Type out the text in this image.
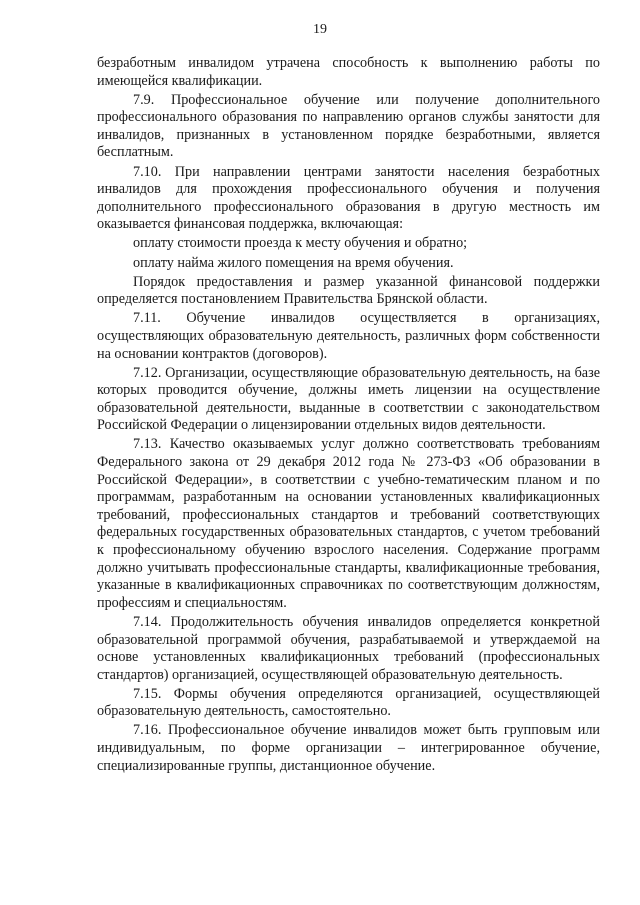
19

безработным инвалидом утрачена способность к выполнению работы по имеющейся квалификации.

7.9. Профессиональное обучение или получение дополнительного профессионального образования по направлению органов службы занятости для инвалидов, признанных в установленном порядке безработными, является бесплатным.

7.10. При направлении центрами занятости населения безработных инвалидов для прохождения профессионального обучения и получения дополнительного профессионального образования в другую местность им оказывается финансовая поддержка, включающая:

оплату стоимости проезда к месту обучения и обратно;

оплату найма жилого помещения на время обучения.

Порядок предоставления и размер указанной финансовой поддержки определяется постановлением Правительства Брянской области.

7.11. Обучение инвалидов осуществляется в организациях, осуществляющих образовательную деятельность, различных форм собственности на основании контрактов (договоров).

7.12. Организации, осуществляющие образовательную деятельность, на базе которых проводится обучение, должны иметь лицензии на осуществление образовательной деятельности, выданные в соответствии с законодательством Российской Федерации о лицензировании отдельных видов деятельности.

7.13. Качество оказываемых услуг должно соответствовать требованиям Федерального закона от 29 декабря 2012 года № 273-ФЗ «Об образовании в Российской Федерации», в соответствии с учебно-тематическим планом и по программам, разработанным на основании установленных квалификационных требований, профессиональных стандартов и требований соответствующих федеральных государственных образовательных стандартов, с учетом требований к профессиональному обучению взрослого населения. Содержание программ должно учитывать профессиональные стандарты, квалификационные требования, указанные в квалификационных справочниках по соответствующим должностям, профессиям и специальностям.

7.14. Продолжительность обучения инвалидов определяется конкретной образовательной программой обучения, разрабатываемой и утверждаемой на основе установленных квалификационных требований (профессиональных стандартов) организацией, осуществляющей образовательную деятельность.

7.15. Формы обучения определяются организацией, осуществляющей образовательную деятельность, самостоятельно.

7.16. Профессиональное обучение инвалидов может быть групповым или индивидуальным, по форме организации – интегрированное обучение, специализированные группы, дистанционное обучение.
